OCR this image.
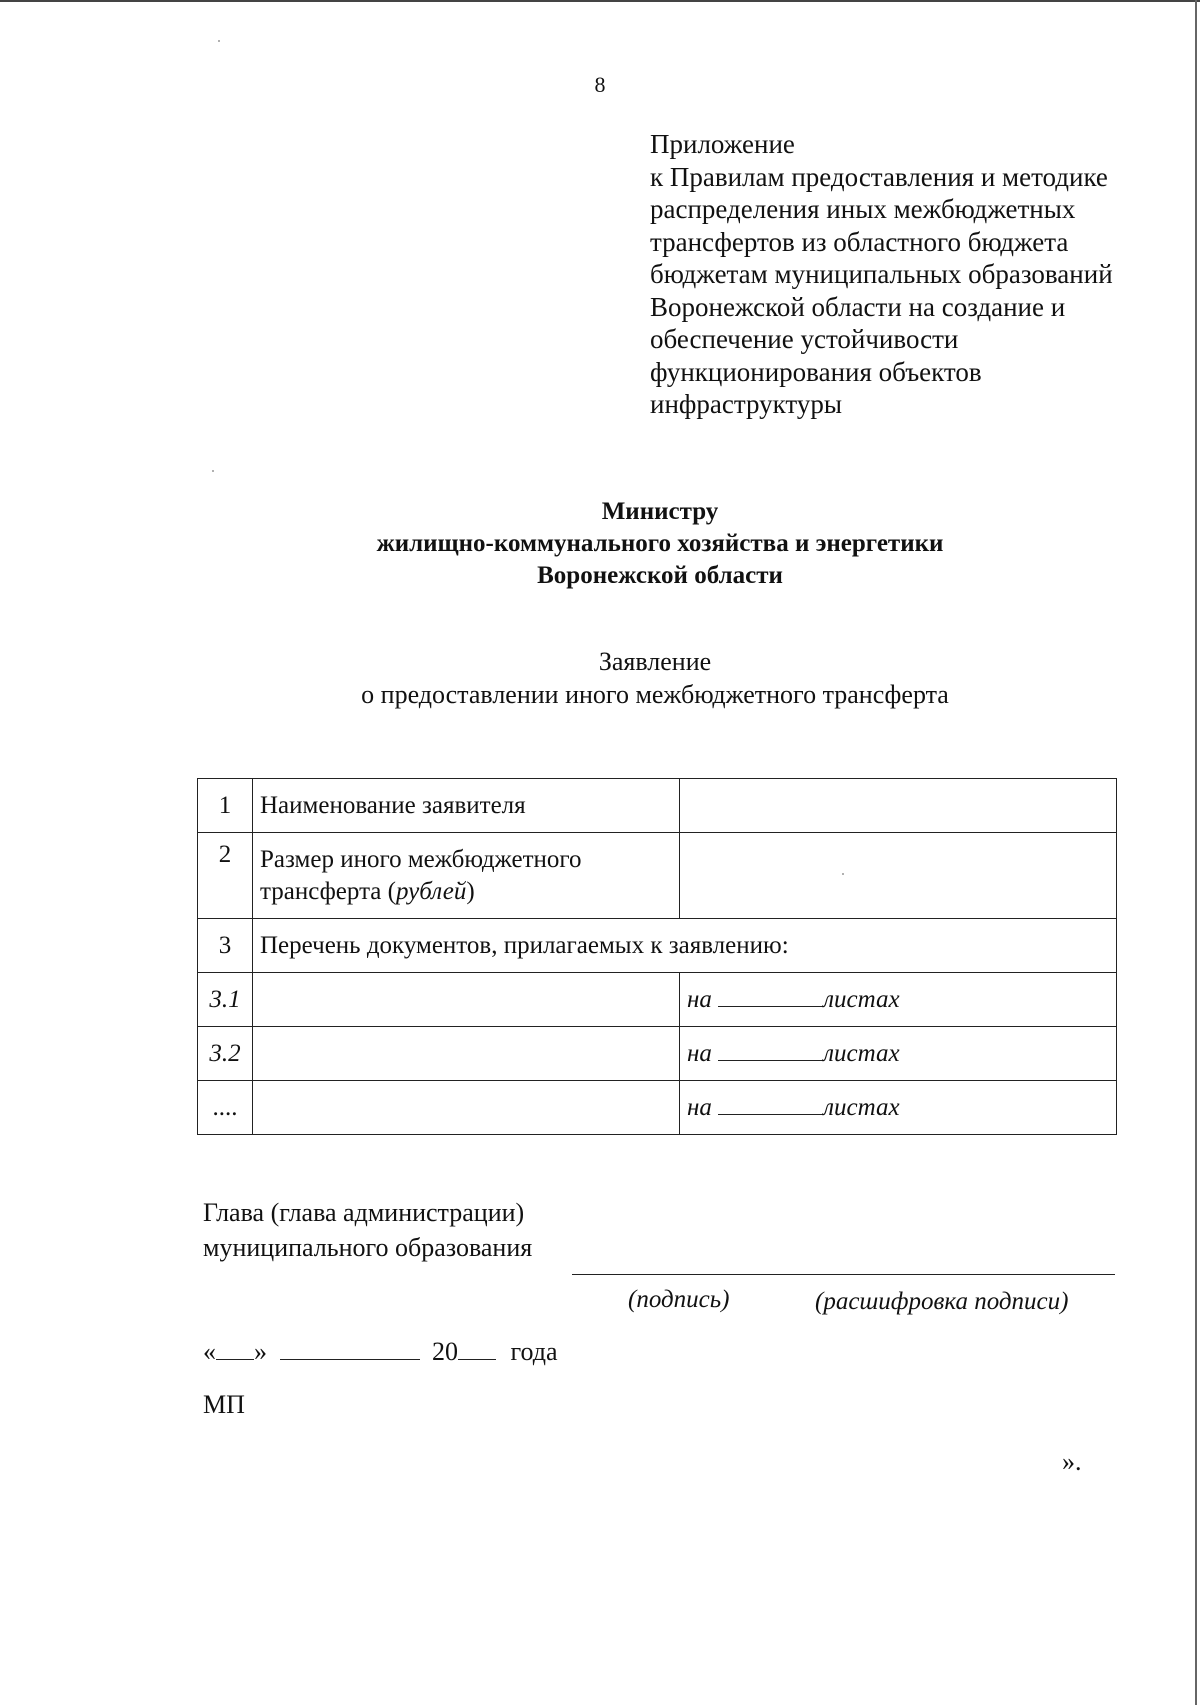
8
Приложение
к Правилам предоставления и методике
распределения иных межбюджетных
трансфертов из областного бюджета
бюджетам муниципальных образований
Воронежской области на создание и
обеспечение устойчивости
функционирования объектов
инфраструктуры
Министру
жилищно-коммунального хозяйства и энергетики
Воронежской области
Заявление
о предоставлении иного межбюджетного трансферта
1	Наименование заявителя	
2	Размер иного межбюджетного трансферта (рублей)	
3	Перечень документов, прилагаемых к заявлению:	
3.1		на листах
3.2		на листах
....		на листах
Глава (глава администрации)
муниципального образования
(подпись)	(расшифровка подписи)
« »	20 года
МП
».
